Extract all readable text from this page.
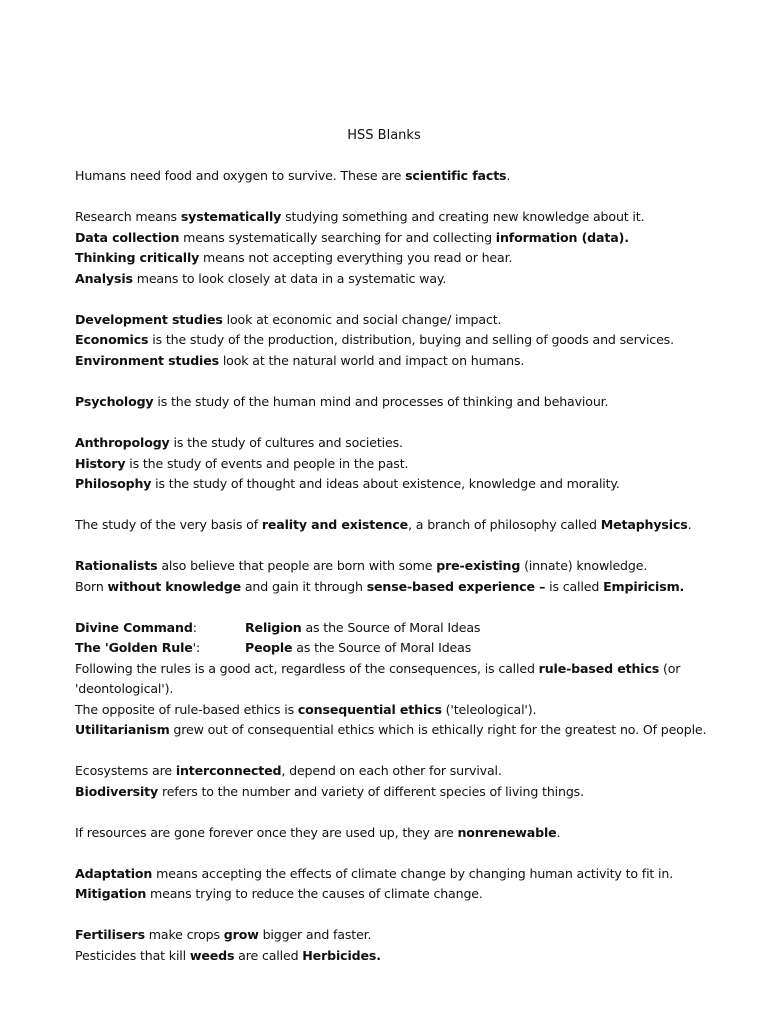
HSS Blanks
Humans need food and oxygen to survive. These are scientific facts.
Research means systematically studying something and creating new knowledge about it.
Data collection means systematically searching for and collecting information (data).
Thinking critically means not accepting everything you read or hear.
Analysis means to look closely at data in a systematic way.
Development studies look at economic and social change/ impact.
Economics is the study of the production, distribution, buying and selling of goods and services.
Environment studies look at the natural world and impact on humans.
Psychology is the study of the human mind and processes of thinking and behaviour.
Anthropology is the study of cultures and societies.
History is the study of events and people in the past.
Philosophy is the study of thought and ideas about existence, knowledge and morality.
The study of the very basis of reality and existence, a branch of philosophy called Metaphysics.
Rationalists also believe that people are born with some pre-existing (innate) knowledge.
Born without knowledge and gain it through sense-based experience – is called Empiricism.
Divine Command:	Religion as the Source of Moral Ideas
The 'Golden Rule':	People as the Source of Moral Ideas
Following the rules is a good act, regardless of the consequences, is called rule-based ethics (or
'deontological').
The opposite of rule-based ethics is consequential ethics ('teleological').
Utilitarianism grew out of consequential ethics which is ethically right for the greatest no. Of people.
Ecosystems are interconnected, depend on each other for survival.
Biodiversity refers to the number and variety of different species of living things.
If resources are gone forever once they are used up, they are nonrenewable.
Adaptation means accepting the effects of climate change by changing human activity to fit in.
Mitigation means trying to reduce the causes of climate change.
Fertilisers make crops grow bigger and faster.
Pesticides that kill weeds are called Herbicides.
